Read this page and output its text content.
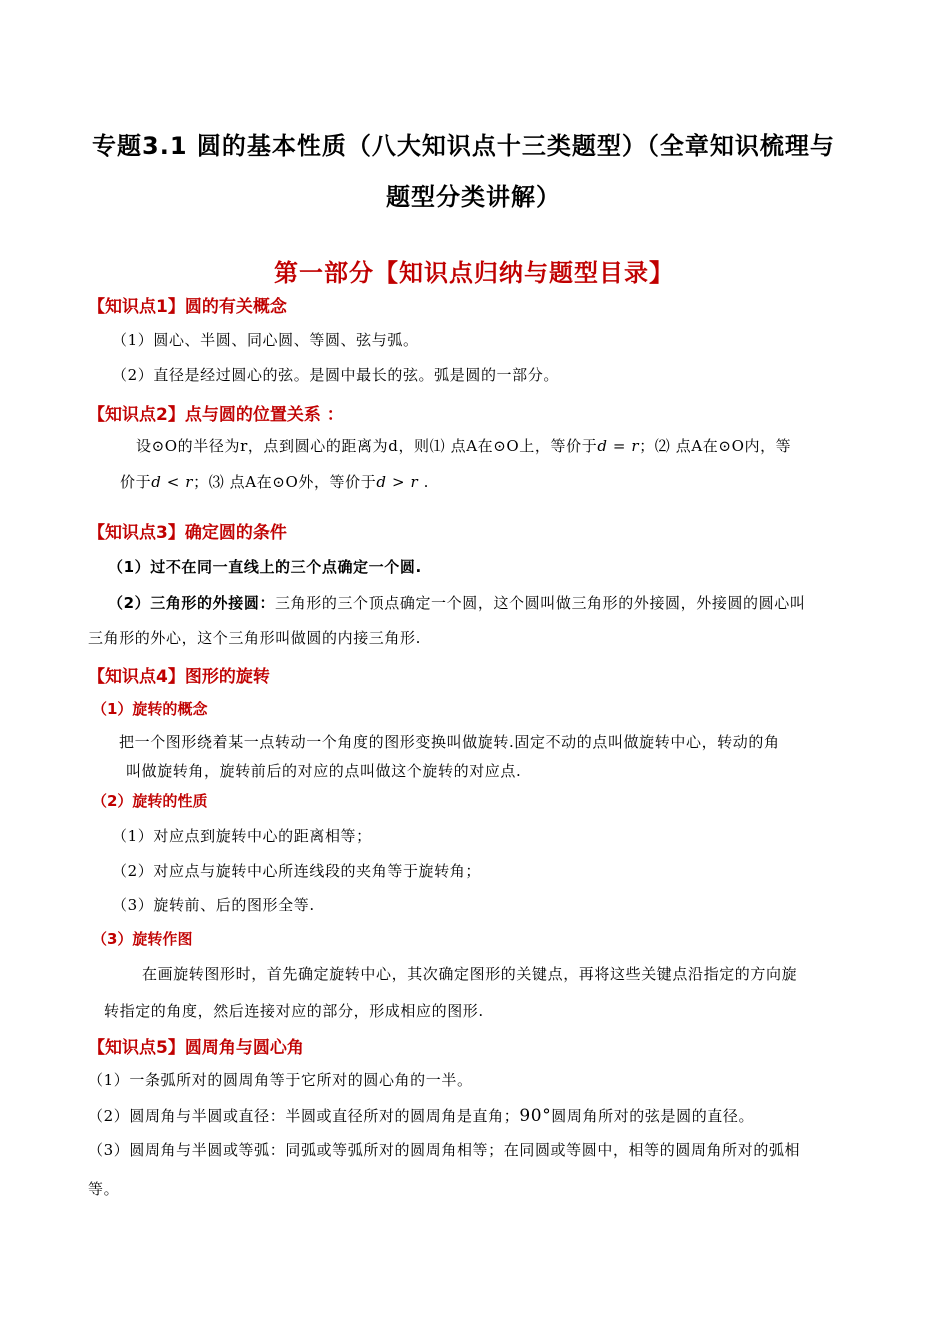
专题3.1 圆的基本性质（八大知识点十三类题型）（全章知识梳理与
题型分类讲解）
第一部分【知识点归纳与题型目录】
【知识点1】圆的有关概念
（1）圆心、半圆、同心圆、等圆、弦与弧。
（2）直径是经过圆心的弦。是圆中最长的弦。弧是圆的一部分。
【知识点2】点与圆的位置关系 ：
设⊙O的半径为r，点到圆心的距离为d，则⑴ 点A在⊙O上，等价于d = r；⑵ 点A在⊙O内，等
价于d < r；⑶ 点A在⊙O外，等价于d > r .
【知识点3】确定圆的条件
（1）过不在同一直线上的三个点确定一个圆.
（2）三角形的外接圆：三角形的三个顶点确定一个圆，这个圆叫做三角形的外接圆，外接圆的圆心叫
三角形的外心，这个三角形叫做圆的内接三角形.
【知识点4】图形的旋转
（1）旋转的概念
把一个图形绕着某一点转动一个角度的图形变换叫做旋转.固定不动的点叫做旋转中心，转动的角
叫做旋转角，旋转前后的对应的点叫做这个旋转的对应点.
（2）旋转的性质
（1）对应点到旋转中心的距离相等；
（2）对应点与旋转中心所连线段的夹角等于旋转角；
（3）旋转前、后的图形全等.
（3）旋转作图
在画旋转图形时，首先确定旋转中心，其次确定图形的关键点，再将这些关键点沿指定的方向旋
转指定的角度，然后连接对应的部分，形成相应的图形.
【知识点5】圆周角与圆心角
（1）一条弧所对的圆周角等于它所对的圆心角的一半。
（2）圆周角与半圆或直径：半圆或直径所对的圆周角是直角；90°圆周角所对的弦是圆的直径。
（3）圆周角与半圆或等弧：同弧或等弧所对的圆周角相等；在同圆或等圆中，相等的圆周角所对的弧相
等。
